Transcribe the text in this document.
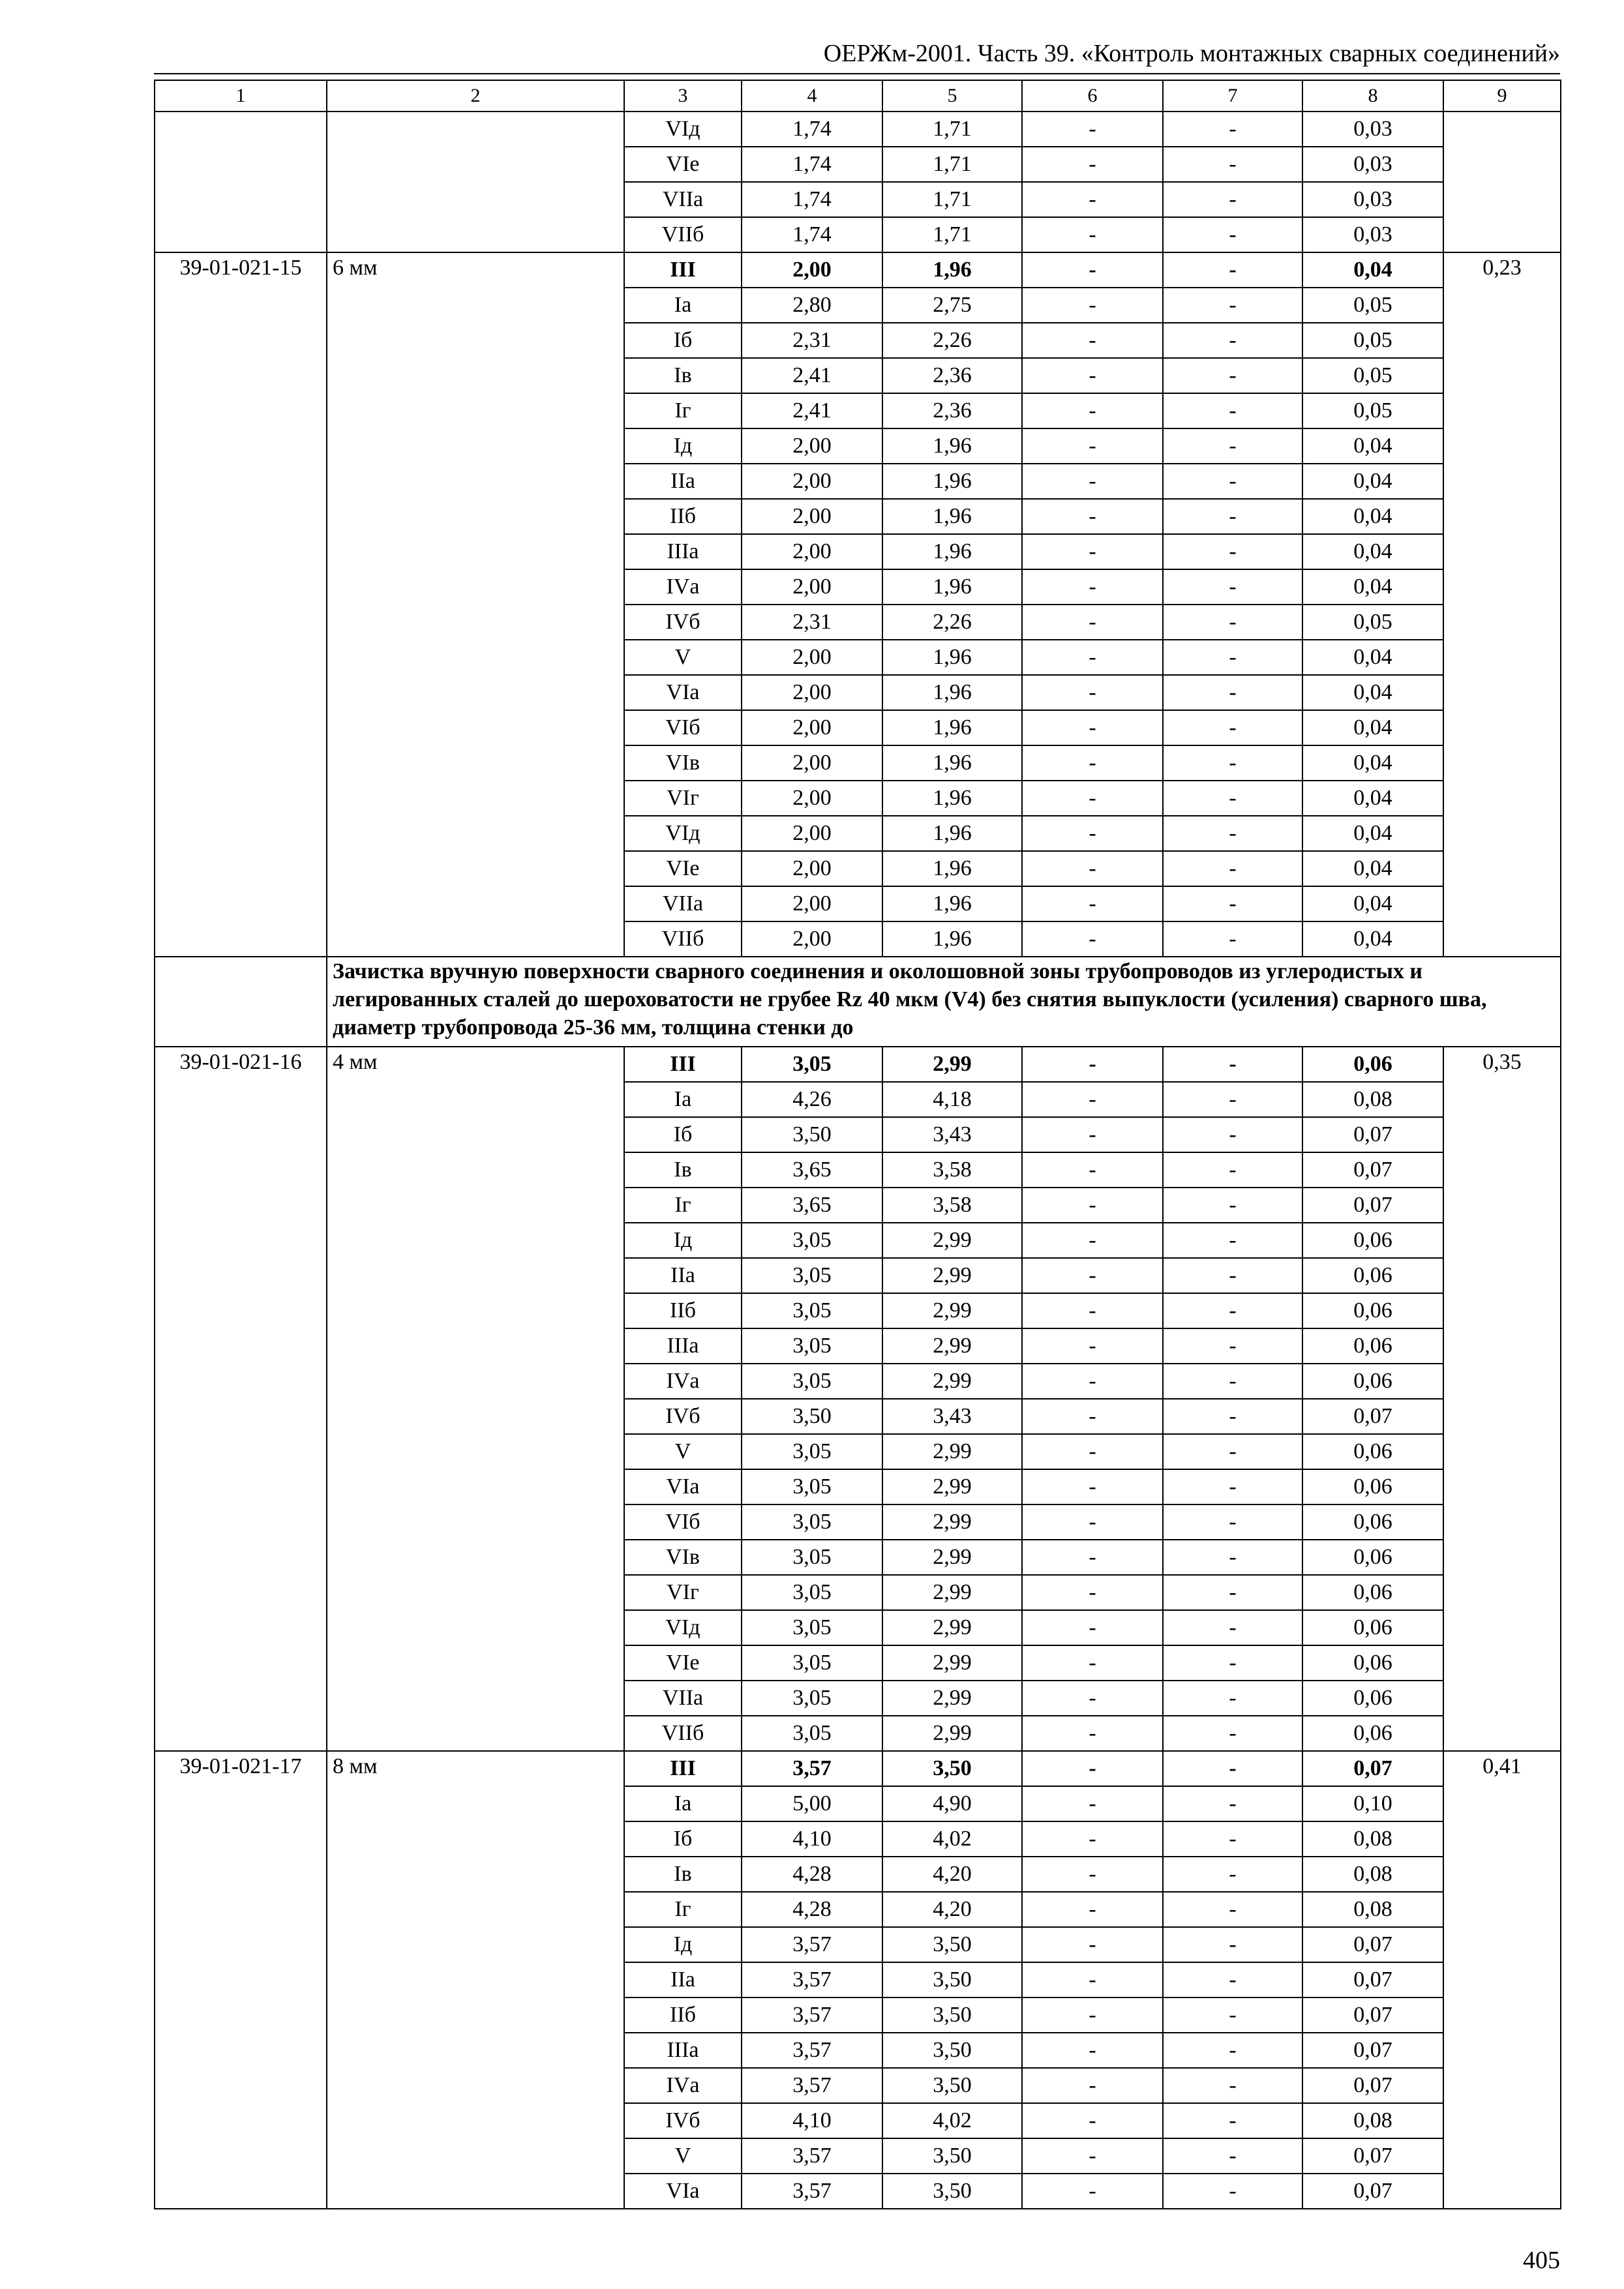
ОЕРЖм-2001. Часть 39. «Контроль монтажных сварных соединений»
1	2	3	4	5	6	7	8	9
		VIд	1,74	1,71	-	-	0,03	
		VIе	1,74	1,71	-	-	0,03	
		VIIа	1,74	1,71	-	-	0,03	
		VIIб	1,74	1,71	-	-	0,03	
39-01-021-15	6 мм	III	2,00	1,96	-	-	0,04	0,23
		Iа	2,80	2,75	-	-	0,05	
		Iб	2,31	2,26	-	-	0,05	
		Iв	2,41	2,36	-	-	0,05	
		Iг	2,41	2,36	-	-	0,05	
		Iд	2,00	1,96	-	-	0,04	
		IIа	2,00	1,96	-	-	0,04	
		IIб	2,00	1,96	-	-	0,04	
		IIIа	2,00	1,96	-	-	0,04	
		IVа	2,00	1,96	-	-	0,04	
		IVб	2,31	2,26	-	-	0,05	
		V	2,00	1,96	-	-	0,04	
		VIа	2,00	1,96	-	-	0,04	
		VIб	2,00	1,96	-	-	0,04	
		VIв	2,00	1,96	-	-	0,04	
		VIг	2,00	1,96	-	-	0,04	
		VIд	2,00	1,96	-	-	0,04	
		VIе	2,00	1,96	-	-	0,04	
		VIIа	2,00	1,96	-	-	0,04	
		VIIб	2,00	1,96	-	-	0,04	
	Зачистка вручную поверхности сварного соединения и околошовной зоны трубопроводов из углеродистых и легированных сталей до шероховатости не грубее Rz 40 мкм (V4) без снятия выпуклости (усиления) сварного шва, диаметр трубопровода 25-36 мм, толщина стенки до							
39-01-021-16	4 мм	III	3,05	2,99	-	-	0,06	0,35
		Iа	4,26	4,18	-	-	0,08	
		Iб	3,50	3,43	-	-	0,07	
		Iв	3,65	3,58	-	-	0,07	
		Iг	3,65	3,58	-	-	0,07	
		Iд	3,05	2,99	-	-	0,06	
		IIа	3,05	2,99	-	-	0,06	
		IIб	3,05	2,99	-	-	0,06	
		IIIа	3,05	2,99	-	-	0,06	
		IVа	3,05	2,99	-	-	0,06	
		IVб	3,50	3,43	-	-	0,07	
		V	3,05	2,99	-	-	0,06	
		VIа	3,05	2,99	-	-	0,06	
		VIб	3,05	2,99	-	-	0,06	
		VIв	3,05	2,99	-	-	0,06	
		VIг	3,05	2,99	-	-	0,06	
		VIд	3,05	2,99	-	-	0,06	
		VIе	3,05	2,99	-	-	0,06	
		VIIа	3,05	2,99	-	-	0,06	
		VIIб	3,05	2,99	-	-	0,06	
39-01-021-17	8 мм	III	3,57	3,50	-	-	0,07	0,41
		Iа	5,00	4,90	-	-	0,10	
		Iб	4,10	4,02	-	-	0,08	
		Iв	4,28	4,20	-	-	0,08	
		Iг	4,28	4,20	-	-	0,08	
		Iд	3,57	3,50	-	-	0,07	
		IIа	3,57	3,50	-	-	0,07	
		IIб	3,57	3,50	-	-	0,07	
		IIIа	3,57	3,50	-	-	0,07	
		IVа	3,57	3,50	-	-	0,07	
		IVб	4,10	4,02	-	-	0,08	
		V	3,57	3,50	-	-	0,07	
		VIа	3,57	3,50	-	-	0,07	
405
